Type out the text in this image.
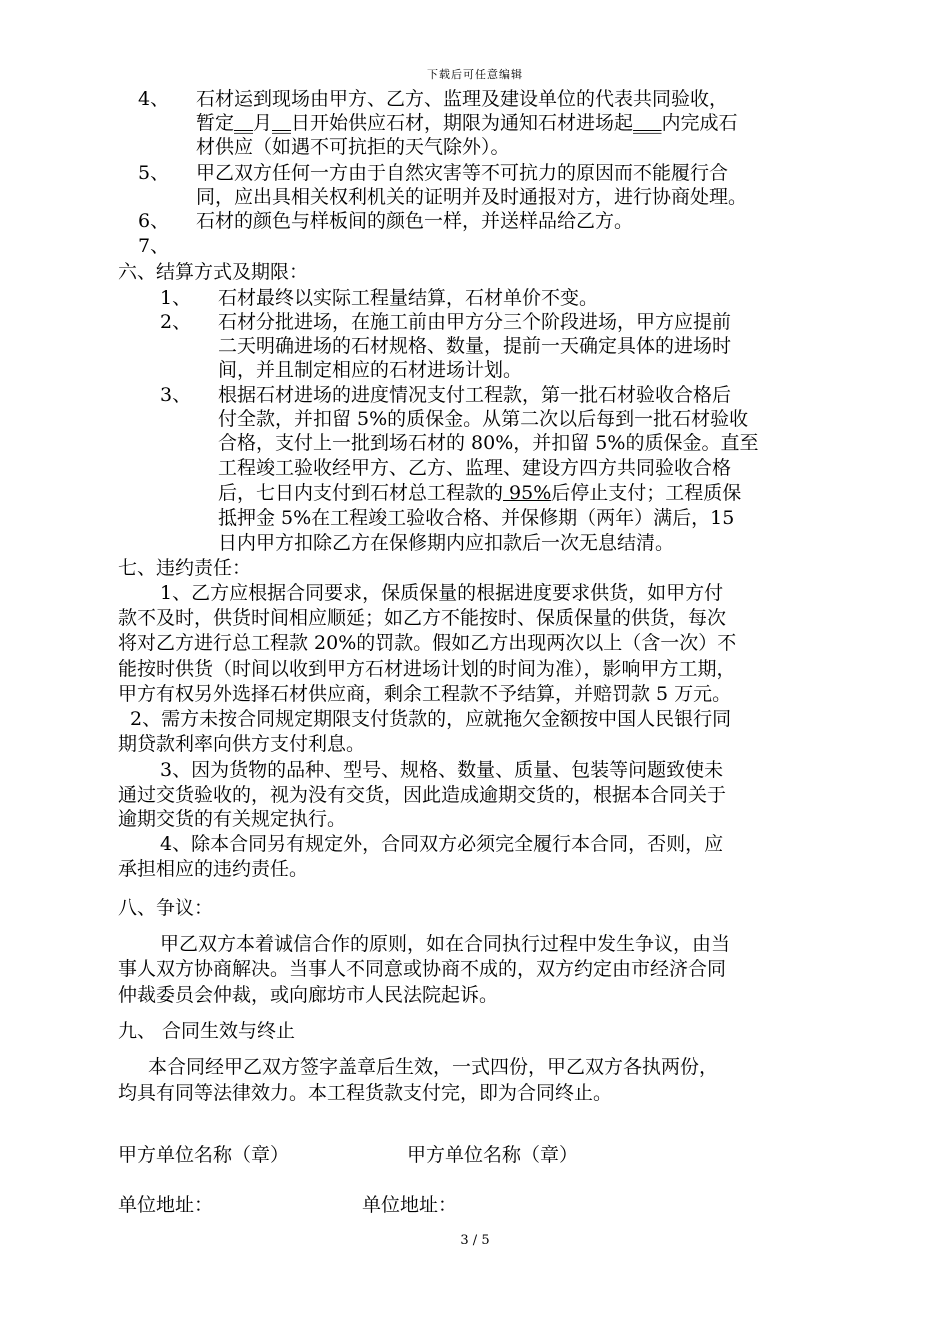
下载后可任意编辑
4、 石材运到现场由甲方、乙方、监理及建设单位的代表共同验收，
暂定__月__日开始供应石材，期限为通知石材进场起___内完成石
材供应（如遇不可抗拒的天气除外）。
5、 甲乙双方任何一方由于自然灾害等不可抗力的原因而不能履行合
同，应出具相关权利机关的证明并及时通报对方，进行协商处理。
6、 石材的颜色与样板间的颜色一样，并送样品给乙方。
7、
六、结算方式及期限：
1、 石材最终以实际工程量结算，石材单价不变。
2、 石材分批进场，在施工前由甲方分三个阶段进场，甲方应提前
二天明确进场的石材规格、数量，提前一天确定具体的进场时
间，并且制定相应的石材进场计划。
3、 根据石材进场的进度情况支付工程款，第一批石材验收合格后
付全款，并扣留 5%的质保金。从第二次以后每到一批石材验收
合格，支付上一批到场石材的 80%，并扣留 5%的质保金。直至
工程竣工验收经甲方、乙方、监理、建设方四方共同验收合格
后，七日内支付到石材总工程款的 95%后停止支付；工程质保
抵押金 5%在工程竣工验收合格、并保修期（两年）满后，15
日内甲方扣除乙方在保修期内应扣款后一次无息结清。
七、违约责任：
1、乙方应根据合同要求，保质保量的根据进度要求供货，如甲方付
款不及时，供货时间相应顺延；如乙方不能按时、保质保量的供货，每次
将对乙方进行总工程款 20%的罚款。假如乙方出现两次以上（含一次）不
能按时供货（时间以收到甲方石材进场计划的时间为准），影响甲方工期，
甲方有权另外选择石材供应商，剩余工程款不予结算，并赔罚款 5 万元。
2、需方未按合同规定期限支付货款的，应就拖欠金额按中国人民银行同
期贷款利率向供方支付利息。
3、因为货物的品种、型号、规格、数量、质量、包装等问题致使未
通过交货验收的，视为没有交货，因此造成逾期交货的，根据本合同关于
逾期交货的有关规定执行。
4、除本合同另有规定外，合同双方必须完全履行本合同，否则，应
承担相应的违约责任。
八、争议：
甲乙双方本着诚信合作的原则，如在合同执行过程中发生争议，由当
事人双方协商解决。当事人不同意或协商不成的，双方约定由市经济合同
仲裁委员会仲裁，或向廊坊市人民法院起诉。
九、 合同生效与终止
本合同经甲乙双方签字盖章后生效，一式四份，甲乙双方各执两份，
均具有同等法律效力。本工程货款支付完，即为合同终止。
甲方单位名称（章）	甲方单位名称（章）
单位地址：	单位地址：
3 / 5
